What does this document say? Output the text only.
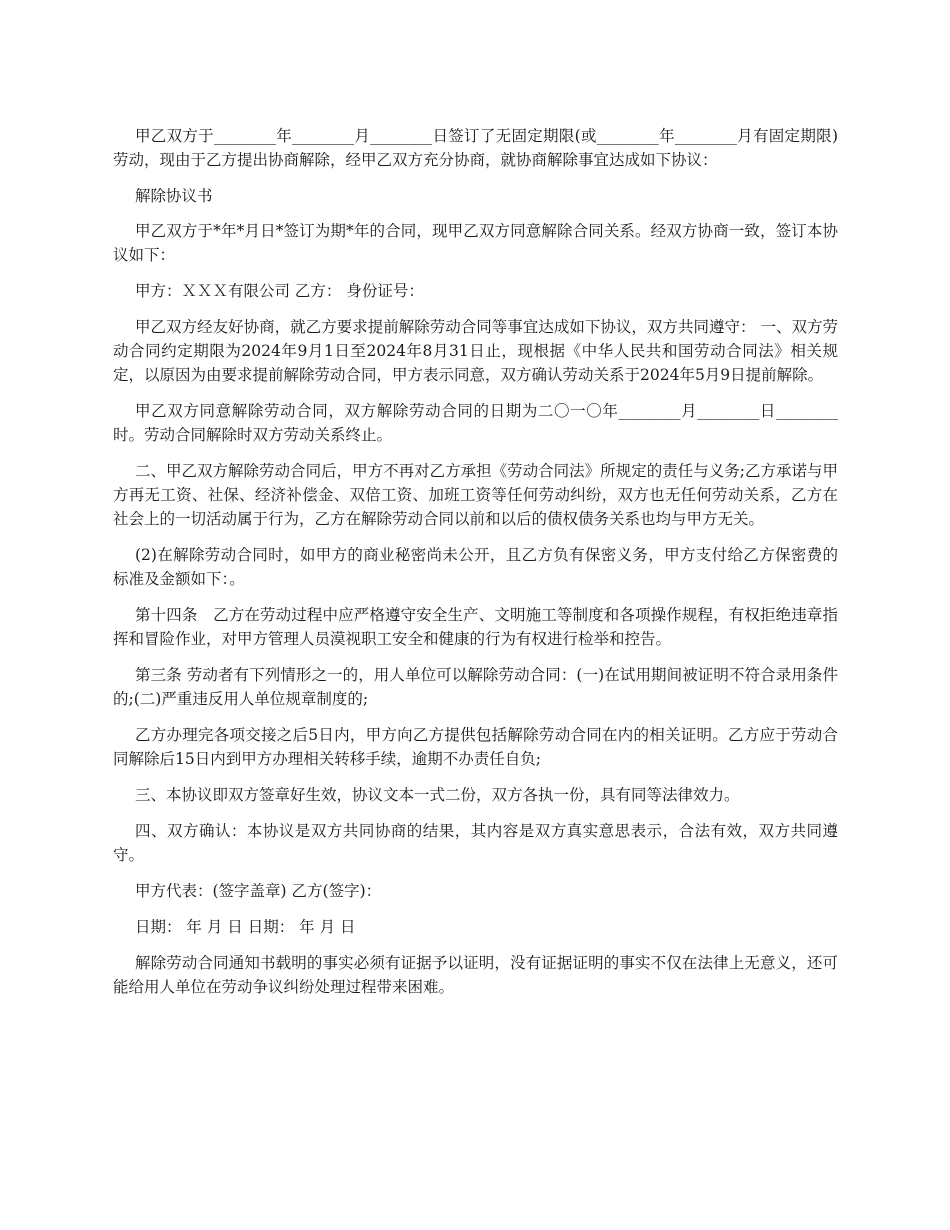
甲乙双方于________年________月________日签订了无固定期限(或________年________月有固定期限)劳动，现由于乙方提出协商解除，经甲乙双方充分协商，就协商解除事宜达成如下协议：

解除协议书

甲乙双方于*年*月日*签订为期*年的合同，现甲乙双方同意解除合同关系。经双方协商一致，签订本协议如下：

甲方：ＸＸＸ有限公司 乙方： 身份证号：

甲乙双方经友好协商，就乙方要求提前解除劳动合同等事宜达成如下协议，双方共同遵守： 一、双方劳动合同约定期限为2024年9月1日至2024年8月31日止，现根据《中华人民共和国劳动合同法》相关规定，以原因为由要求提前解除劳动合同，甲方表示同意，双方确认劳动关系于2024年5月9日提前解除。

甲乙双方同意解除劳动合同，双方解除劳动合同的日期为二〇一〇年________月________日________时。劳动合同解除时双方劳动关系终止。

二、甲乙双方解除劳动合同后，甲方不再对乙方承担《劳动合同法》所规定的责任与义务;乙方承诺与甲方再无工资、社保、经济补偿金、双倍工资、加班工资等任何劳动纠纷，双方也无任何劳动关系，乙方在社会上的一切活动属于行为，乙方在解除劳动合同以前和以后的债权债务关系也均与甲方无关。

(2)在解除劳动合同时，如甲方的商业秘密尚未公开，且乙方负有保密义务，甲方支付给乙方保密费的标准及金额如下：。

第十四条　乙方在劳动过程中应严格遵守安全生产、文明施工等制度和各项操作规程，有权拒绝违章指挥和冒险作业，对甲方管理人员漠视职工安全和健康的行为有权进行检举和控告。

第三条 劳动者有下列情形之一的，用人单位可以解除劳动合同：(一)在试用期间被证明不符合录用条件的;(二)严重违反用人单位规章制度的;

乙方办理完各项交接之后5日内，甲方向乙方提供包括解除劳动合同在内的相关证明。乙方应于劳动合同解除后15日内到甲方办理相关转移手续，逾期不办责任自负;

三、本协议即双方签章好生效，协议文本一式二份，双方各执一份，具有同等法律效力。

四、双方确认：本协议是双方共同协商的结果，其内容是双方真实意思表示，合法有效，双方共同遵守。

甲方代表：(签字盖章) 乙方(签字)：

日期： 年 月 日 日期： 年 月 日

解除劳动合同通知书载明的事实必须有证据予以证明，没有证据证明的事实不仅在法律上无意义，还可能给用人单位在劳动争议纠纷处理过程带来困难。
